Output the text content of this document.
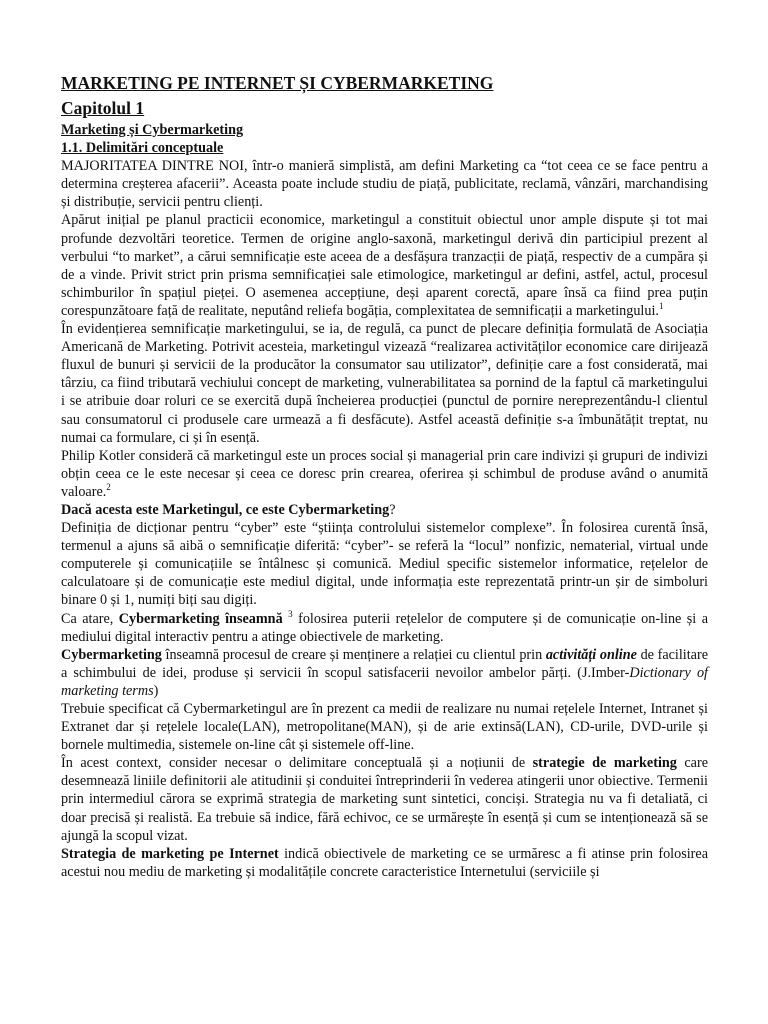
MARKETING PE INTERNET ȘI CYBERMARKETING
Capitolul 1
Marketing și Cybermarketing
1.1. Delimitări conceptuale

MAJORITATEA DINTRE NOI, într-o manieră simplistă, am defini Marketing ca “tot ceea ce se face pentru a determina creșterea afacerii”. Aceasta poate include studiu de piață, publicitate, reclamă, vânzări, marchandising și distribuție, servicii pentru clienți.

Apărut inițial pe planul practicii economice, marketingul a constituit obiectul unor ample dispute și tot mai profunde dezvoltări teoretice. Termen de origine anglo-saxonă, marketingul derivă din participiul prezent al verbului “to market”, a cărui semnificație este aceea de a desfășura tranzacții de piață, respectiv de a cumpăra și de a vinde. Privit strict prin prisma semnificației sale etimologice, marketingul ar defini, astfel, actul, procesul schimburilor în spațiul pieței. O asemenea accepțiune, deși aparent corectă, apare însă ca fiind prea puțin corespunzătoare față de realitate, neputând reliefa bogăția, complexitatea de semnificații a marketingului.$^1$

În evidențierea semnificație marketingului, se ia, de regulă, ca punct de plecare definiția formulată de Asociația Americană de Marketing. Potrivit acesteia, marketingul vizează “realizarea activităților economice care dirijează fluxul de bunuri și servicii de la producător la consumator sau utilizator”, definiție care a fost considerată, mai târziu, ca fiind tributară vechiului concept de marketing, vulnerabilitatea sa pornind de la faptul că marketingului i se atribuie doar roluri ce se exercită după încheierea producției (punctul de pornire nereprezentându-l clientul sau consumatorul ci produsele care urmează a fi desfăcute). Astfel această definiție s-a îmbunătățit treptat, nu numai ca formulare, ci și în esență.

Philip Kotler consideră că marketingul este un proces social și managerial prin care indivizi și grupuri de indivizi obțin ceea ce le este necesar și ceea ce doresc prin crearea, oferirea și schimbul de produse având o anumită valoare.$^2$

Dacă acesta este Marketingul, ce este Cybermarketing?

Definiția de dicționar pentru “cyber” este “știința controlului sistemelor complexe”. În folosirea curentă însă, termenul a ajuns să aibă o semnificație diferită: “cyber”- se referă la “locul” nonfizic, nematerial, virtual unde computerele și comunicațiile se întâlnesc și comunică. Mediul specific sistemelor informatice, rețelelor de calculatoare și de comunicație este mediul digital, unde informația este reprezentată printr-un șir de simboluri binare 0 și 1, numiți biți sau digiți.

Ca atare, Cybermarketing înseamnă $^3$ folosirea puterii rețelelor de computere și de comunicație on-line și a mediului digital interactiv pentru a atinge obiectivele de marketing.

Cybermarketing înseamnă procesul de creare și menținere a relației cu clientul prin activități online de facilitare a schimbului de idei, produse și servicii în scopul satisfacerii nevoilor ambelor părți. (J.Imber-Dictionary of marketing terms)

Trebuie specificat că Cybermarketingul are în prezent ca medii de realizare nu numai rețelele Internet, Intranet și Extranet dar și rețelele locale(LAN), metropolitane(MAN), și de arie extinsă(LAN), CD-urile, DVD-urile și bornele multimedia, sistemele on-line cât și sistemele off-line.

În acest context, consider necesar o delimitare conceptuală și a noțiunii de strategie de marketing care desemnează liniile definitorii ale atitudinii și conduitei întreprinderii în vederea atingerii unor obiective. Termenii prin intermediul cărora se exprimă strategia de marketing sunt sintetici, conciși. Strategia nu va fi detaliată, ci doar precisă și realistă. Ea trebuie să indice, fără echivoc, ce se urmărește în esență și cum se intenționează să se ajungă la scopul vizat.

Strategia de marketing pe Internet indică obiectivele de marketing ce se urmăresc a fi atinse prin folosirea acestui nou mediu de marketing și modalitățile concrete caracteristice Internetului (serviciile și
